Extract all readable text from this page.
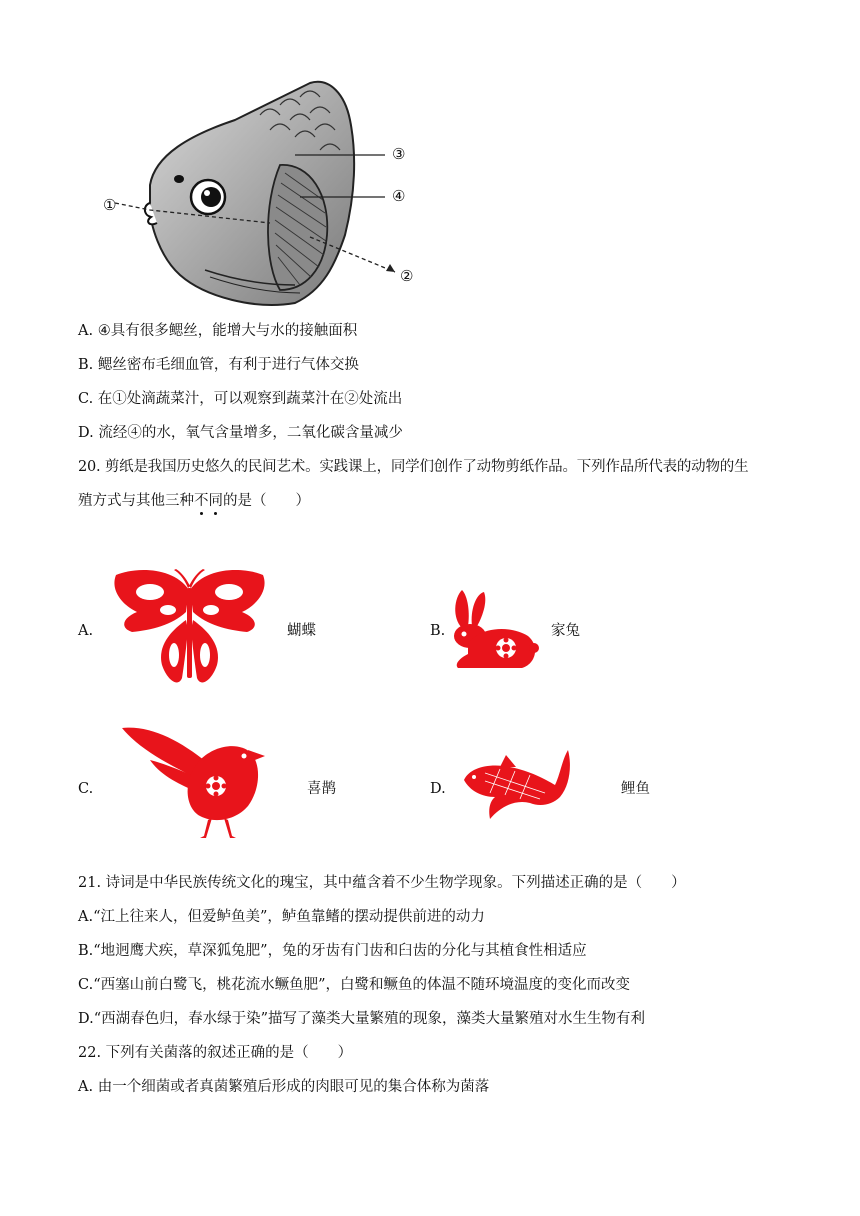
①
②
③
④
A. ④具有很多鳃丝，能增大与水的接触面积
B. 鳃丝密布毛细血管，有利于进行气体交换
C. 在①处滴蔬菜汁，可以观察到蔬菜汁在②处流出
D. 流经④的水，氧气含量增多，二氧化碳含量减少
20. 剪纸是我国历史悠久的民间艺术。实践课上，同学们创作了动物剪纸作品。下列作品所代表的动物的生
殖方式与其他三种不
同
的是（　　）
A.	蝴蝶	B.	家兔
C.	喜鹊	D.	鲤鱼
21. 诗词是中华民族传统文化的瑰宝，其中蕴含着不少生物学现象。下列描述正确的是（　　）
A.“江上往来人，但爱鲈鱼美”，鲈鱼靠鳍的摆动提供前进的动力
B.“地迥鹰犬疾，草深狐兔肥”，兔的牙齿有门齿和臼齿的分化与其植食性相适应
C.“西塞山前白鹭飞，桃花流水鳜鱼肥”，白鹭和鳜鱼的体温不随环境温度的变化而改变
D.“西湖春色归，春水绿于染”描写了藻类大量繁殖的现象，藻类大量繁殖对水生生物有利
22. 下列有关菌落的叙述正确的是（　　）
A. 由一个细菌或者真菌繁殖后形成的肉眼可见的集合体称为菌落
